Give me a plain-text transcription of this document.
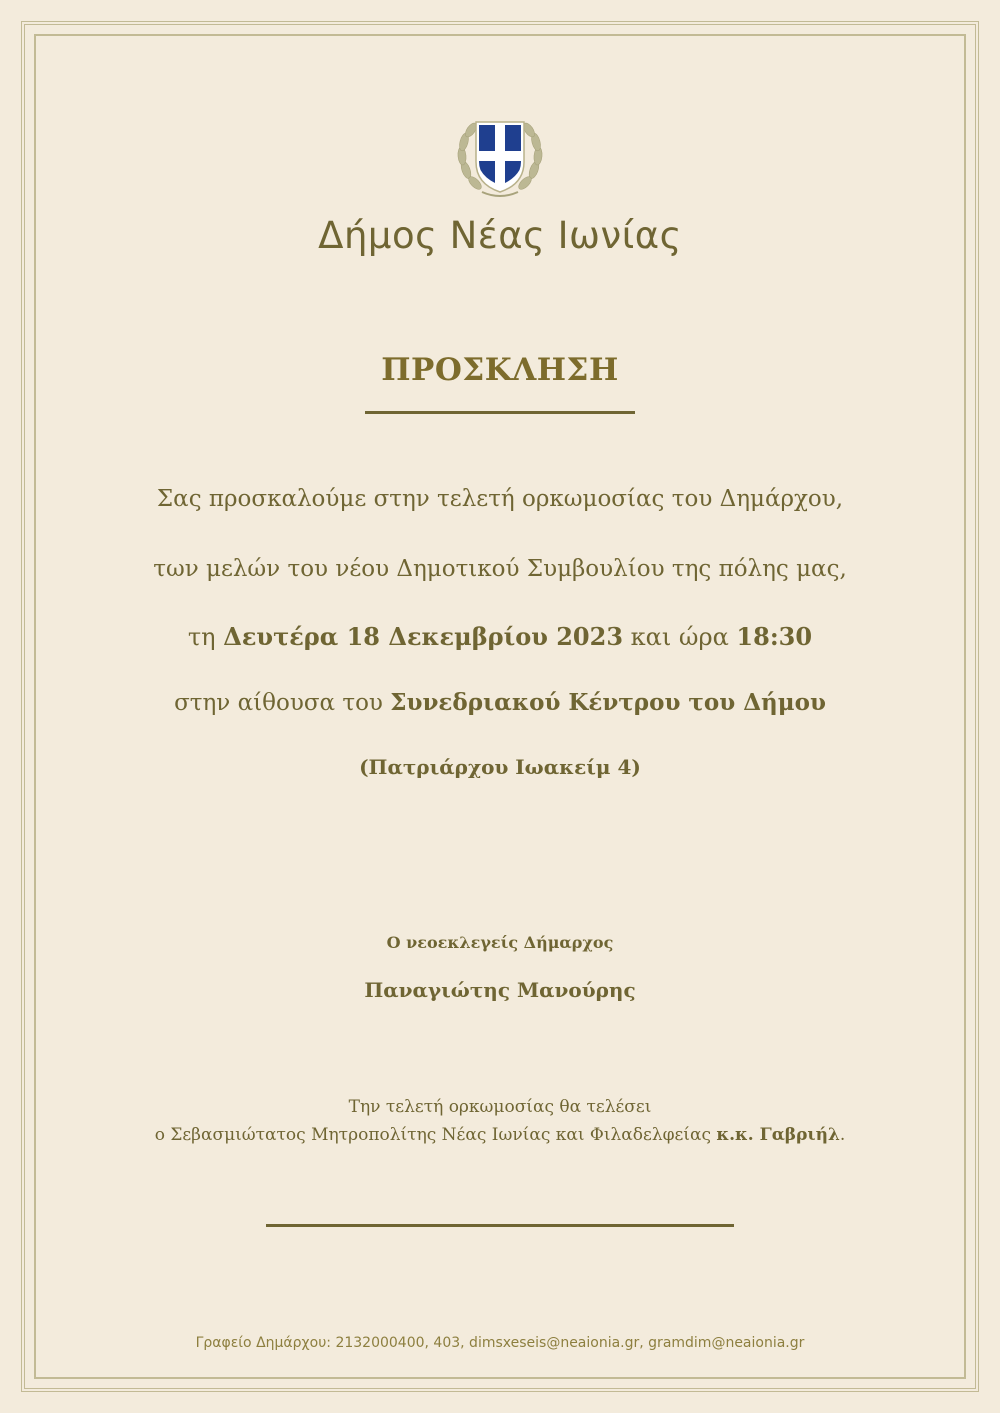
Δήμος Νέας Ιωνίας
ΠΡΟΣΚΛΗΣΗ
Σας προσκαλούμε στην τελετή ορκωμοσίας του Δημάρχου,
των μελών του νέου Δημοτικού Συμβουλίου της πόλης μας,
τη Δευτέρα 18 Δεκεμβρίου 2023 και ώρα 18:30
στην αίθουσα του Συνεδριακού Κέντρου του Δήμου
(Πατριάρχου Ιωακείμ 4)
Ο νεοεκλεγείς Δήμαρχος
Παναγιώτης Μανούρης
Την τελετή ορκωμοσίας θα τελέσει
ο Σεβασμιώτατος Μητροπολίτης Νέας Ιωνίας και Φιλαδελφείας κ.κ. Γαβριήλ.
Γραφείο Δημάρχου: 2132000400, 403, dimsxeseis@neaionia.gr, gramdim@neaionia.gr
